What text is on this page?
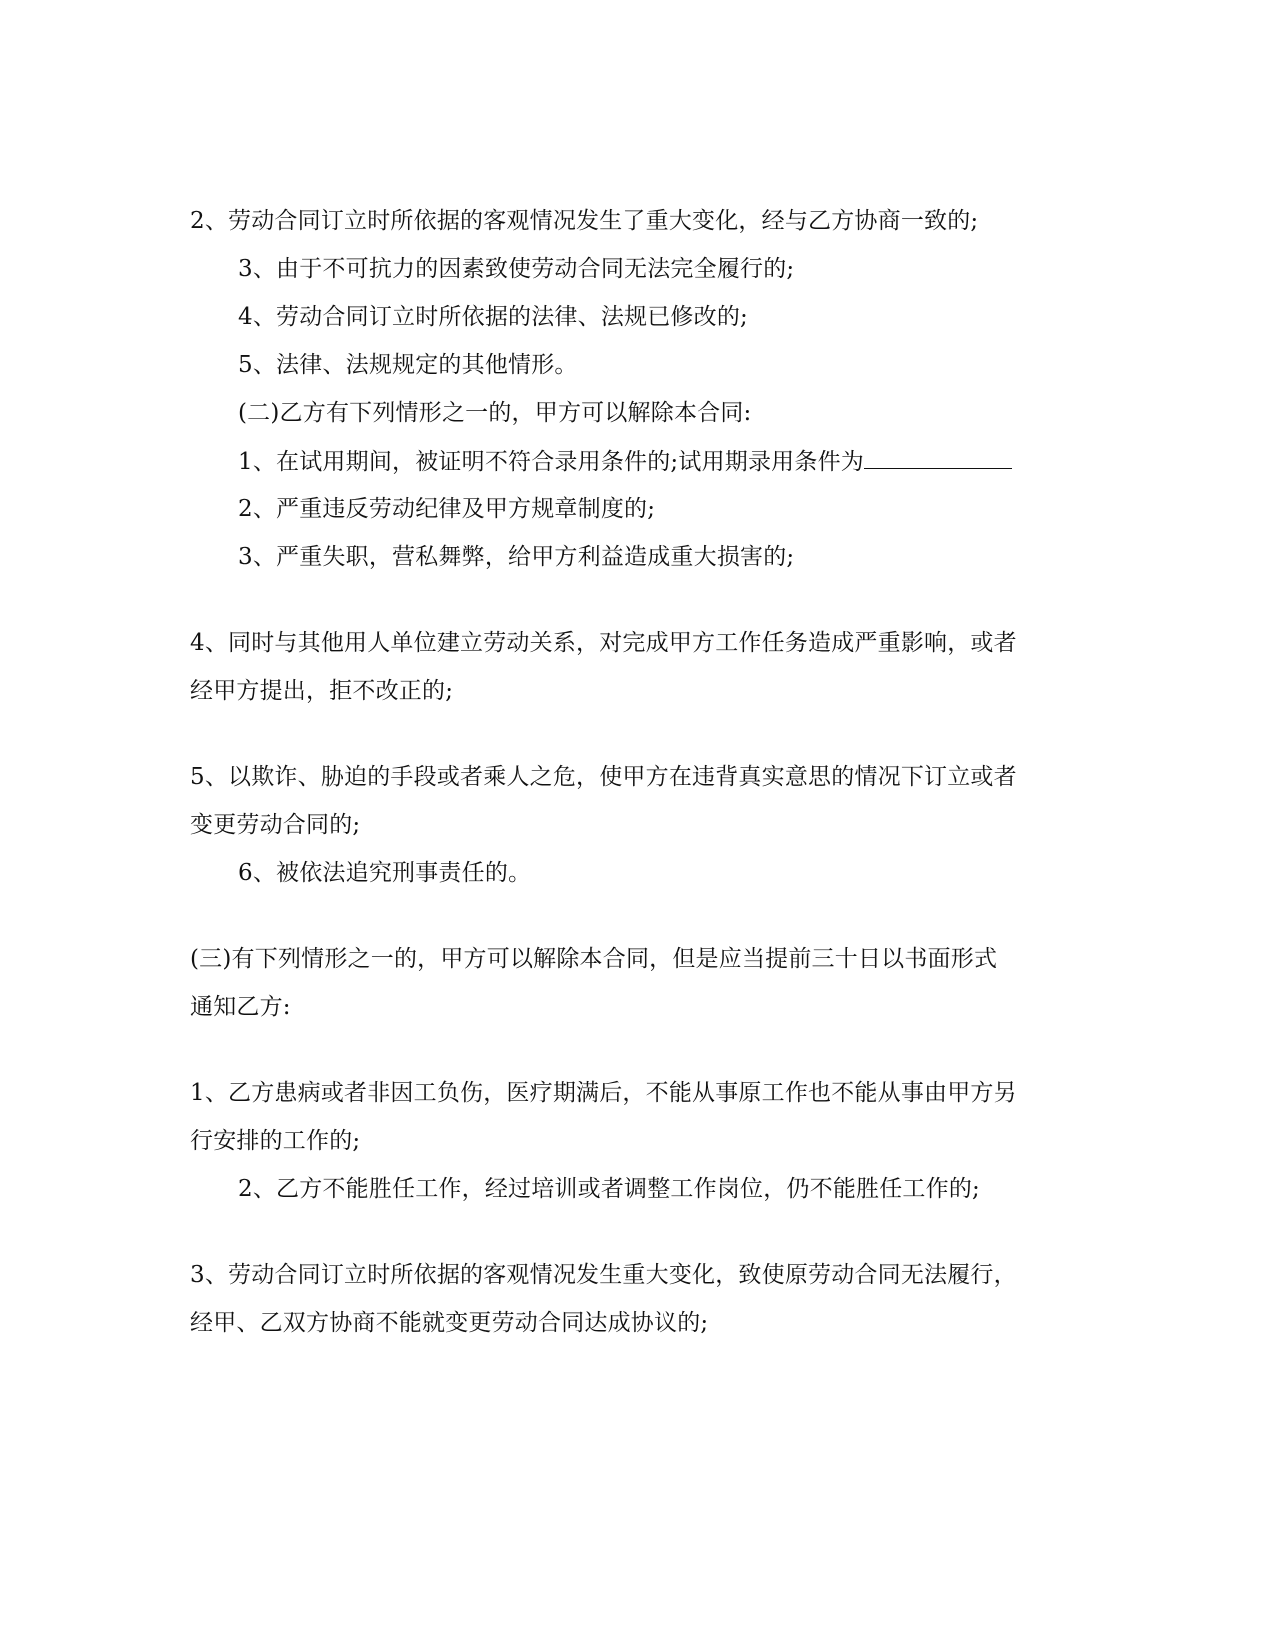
2、劳动合同订立时所依据的客观情况发生了重大变化，经与乙方协商一致的;
3、由于不可抗力的因素致使劳动合同无法完全履行的;
4、劳动合同订立时所依据的法律、法规已修改的;
5、法律、法规规定的其他情形。
(二)乙方有下列情形之一的，甲方可以解除本合同:
1、在试用期间，被证明不符合录用条件的;试用期录用条件为
2、严重违反劳动纪律及甲方规章制度的;
3、严重失职，营私舞弊，给甲方利益造成重大损害的;
4、同时与其他用人单位建立劳动关系，对完成甲方工作任务造成严重影响，或者
经甲方提出，拒不改正的;
5、以欺诈、胁迫的手段或者乘人之危，使甲方在违背真实意思的情况下订立或者
变更劳动合同的;
6、被依法追究刑事责任的。
(三)有下列情形之一的，甲方可以解除本合同，但是应当提前三十日以书面形式
通知乙方:
1、乙方患病或者非因工负伤，医疗期满后，不能从事原工作也不能从事由甲方另
行安排的工作的;
2、乙方不能胜任工作，经过培训或者调整工作岗位，仍不能胜任工作的;
3、劳动合同订立时所依据的客观情况发生重大变化，致使原劳动合同无法履行，
经甲、乙双方协商不能就变更劳动合同达成协议的;
